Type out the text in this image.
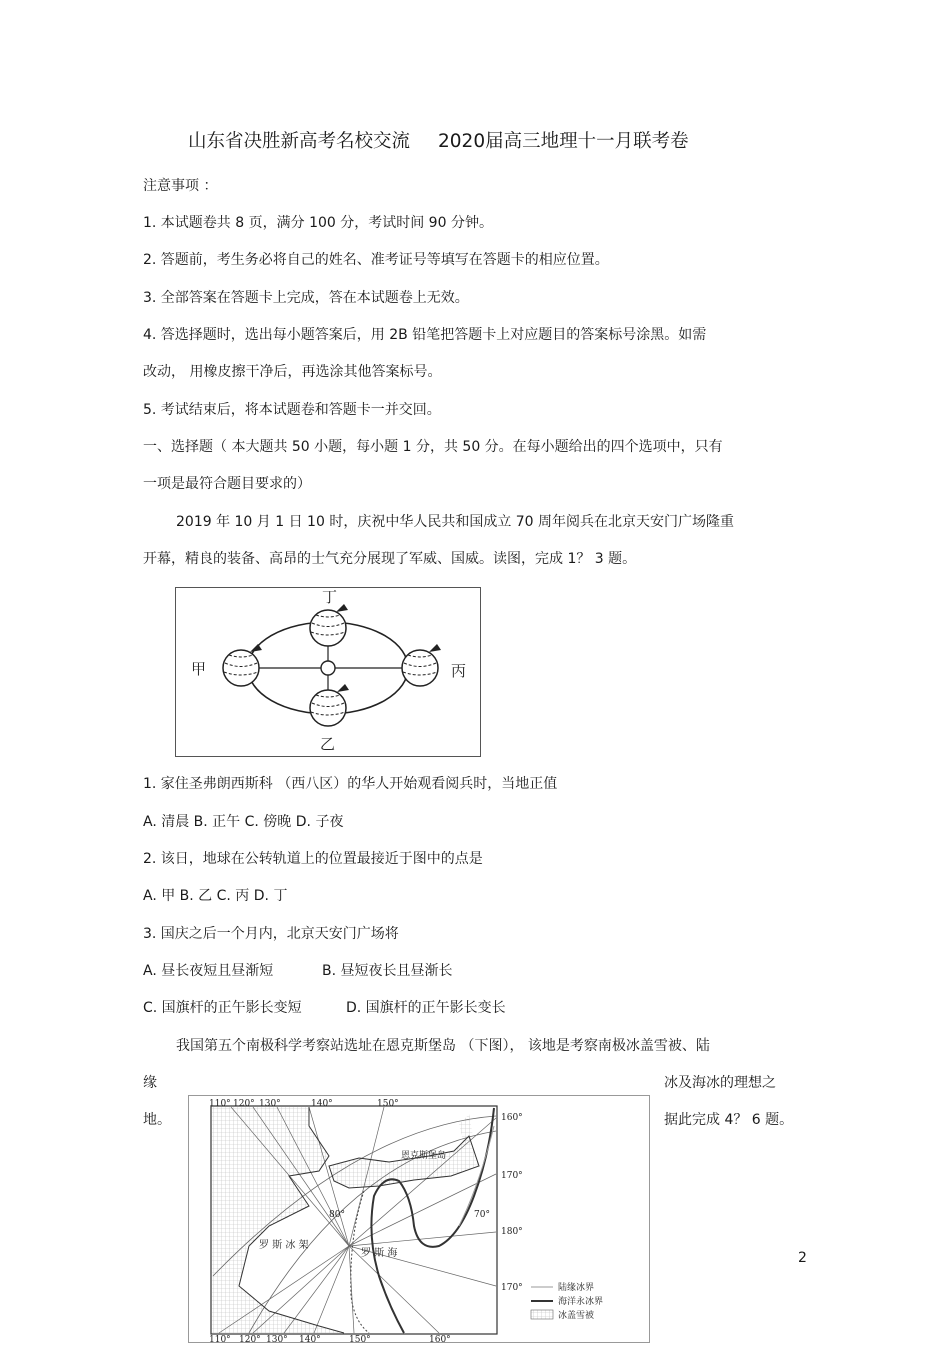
山东省决胜新高考名校交流 2020届高三地理十一月联考卷
注意事项 ：
1. 本试题卷共 8 页，满分 100 分，考试时间 90 分钟。
2. 答题前，考生务必将自己的姓名、准考证号等填写在答题卡的相应位置。
3. 全部答案在答题卡上完成，答在本试题卷上无效。
4. 答选择题时，选出每小题答案后，用 2B 铅笔把答题卡上对应题目的答案标号涂黑。如需
改动， 用橡皮擦干净后，再选涂其他答案标号。
5. 考试结束后，将本试题卷和答题卡一并交回。
一、选择题（ 本大题共 50 小题，每小题 1 分，共 50 分。在每小题给出的四个选项中，只有
一项是最符合题目要求的）
2019 年 10 月 1 日 10 时，庆祝中华人民共和国成立 70 周年阅兵在北京天安门广场隆重
开幕，精良的装备、高昂的士气充分展现了军威、国威。读图，完成 1？ 3 题。
丁
甲	丙
乙
1. 家住圣弗朗西斯科 （西八区）的华人开始观看阅兵时，当地正值
A. 清晨 B. 正午 C. 傍晚 D. 子夜
2. 该日，地球在公转轨道上的位置最接近于图中的点是
A. 甲 B. 乙 C. 丙 D. 丁
3. 国庆之后一个月内，北京天安门广场将
A. 昼长夜短且昼渐短	B. 昼短夜长且昼渐长
C. 国旗杆的正午影长变短	D. 国旗杆的正午影长变长
我国第五个南极科学考察站选址在恩克斯堡岛 （下图）， 该地是考察南极冰盖雪被、陆
缘	冰及海冰的理想之
地。	据此完成 4？ 6 题。
110° 120° 130°	140°	150°
110° 120° 130° 140°	150°	160°
160°
170°
180°
170°
80°	70°
恩克斯堡岛
罗 斯 冰 架
罗 斯 海
陆缘冰界
海洋永冰界
冰盖雪被
2
